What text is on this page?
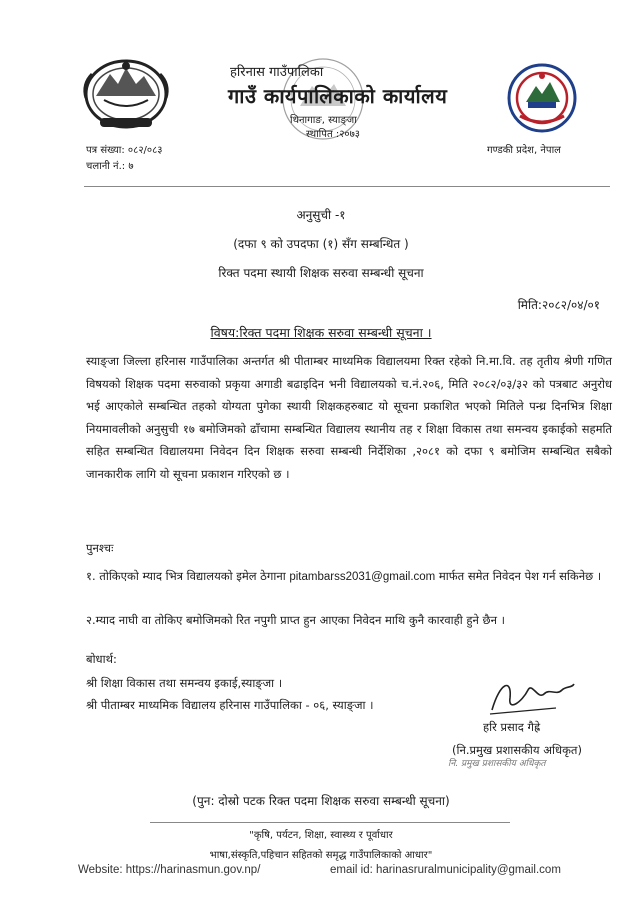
हरिनास गाउँपालिका
गाउँ कार्यपालिकाको कार्यालय
थिनागाङ, स्याङ्जा
स्थापित :२०७३
पत्र संख्या: ०८२/०८३
चलानी नं.: ७
गण्डकी प्रदेश, नेपाल
अनुसुची -१
(दफा ९ को उपदफा (१) सँग सम्बन्धित )
रिक्त पदमा स्थायी शिक्षक सरुवा सम्बन्धी सूचना
मिति:२०८२/०४/०१
विषय:रिक्त पदमा शिक्षक सरुवा सम्बन्धी सूचना ।
स्याङ्जा जिल्ला हरिनास गाउँपालिका अन्तर्गत श्री पीताम्बर माध्यमिक विद्यालयमा रिक्त रहेको नि.मा.वि. तह तृतीय श्रेणी गणित विषयको शिक्षक पदमा सरुवाको प्रकृया अगाडी बढाइदिन भनी विद्यालयको च.नं.२०६, मिति २०८२/०३/३२ को पत्रबाट अनुरोध भई आएकोले सम्बन्धित तहको योग्यता पुगेका स्थायी शिक्षकहरुबाट यो सूचना प्रकाशित भएको मितिले पन्ध्र दिनभित्र शिक्षा नियमावलीको अनुसुची १७ बमोजिमको ढाँचामा सम्बन्धित विद्यालय स्थानीय तह र शिक्षा विकास तथा समन्वय इकाईको सहमति सहित सम्बन्धित विद्यालयमा निवेदन दिन शिक्षक सरुवा सम्बन्धी निर्देशिका ,२०८१ को दफा ९ बमोजिम सम्बन्धित सबैको जानकारीक लागि यो सूचना प्रकाशन गरिएको छ ।
पुनश्चः
१. तोकिएको म्याद भित्र विद्यालयको इमेल ठेगाना pitambarss2031@gmail.com मार्फत समेत निवेदन पेश गर्न सकिनेछ ।
२.म्याद नाघी वा तोकिए बमोजिमको रित नपुगी प्राप्त हुन आएका निवेदन माथि कुनै कारवाही हुने छैन ।
बोधार्थ:
श्री शिक्षा विकास तथा समन्वय इकाई,स्याङ्जा ।
श्री पीताम्बर माध्यमिक विद्यालय हरिनास गाउँपालिका - ०६, स्याङ्जा ।
हरि प्रसाद गैह्रे
(नि.प्रमुख प्रशासकीय अधिकृत)
नि. प्रमुख प्रशासकीय अधिकृत
(पुन: दोस्रो पटक रिक्त पदमा शिक्षक सरुवा सम्बन्धी सूचना)
"कृषि, पर्यटन, शिक्षा, स्वास्थ्य र पूर्वाधार
भाषा,संस्कृति,पहिचान सहितको समृद्ध गाउँपालिकाको आधार"
Website: https://harinasmun.gov.np/	email id: harinasruralmunicipality@gmail.com
